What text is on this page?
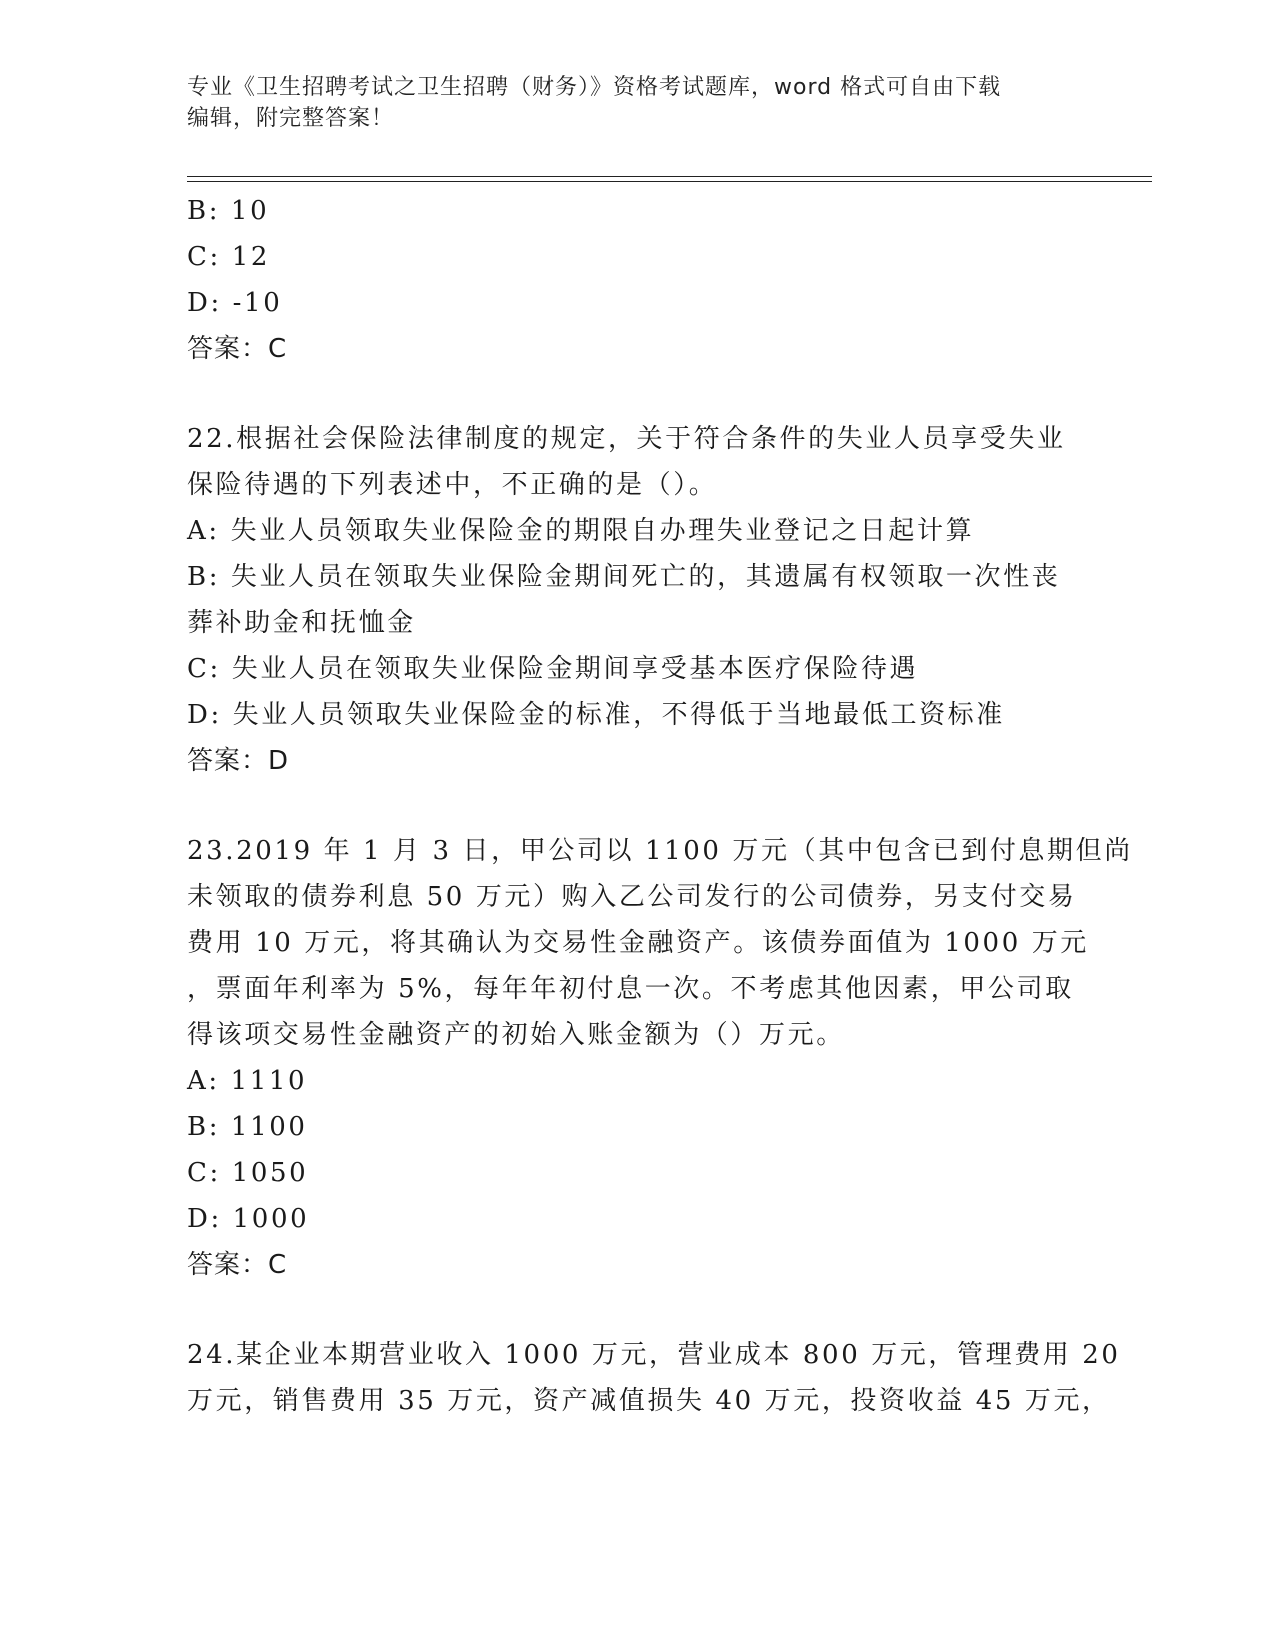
专业《卫生招聘考试之卫生招聘（财务）》资格考试题库，word 格式可自由下载
编辑，附完整答案！
B: 10
C: 12
D: -10
答案：C
22.根据社会保险法律制度的规定，关于符合条件的失业人员享受失业
保险待遇的下列表述中，不正确的是（）。
A: 失业人员领取失业保险金的期限自办理失业登记之日起计算
B: 失业人员在领取失业保险金期间死亡的，其遗属有权领取一次性丧
葬补助金和抚恤金
C: 失业人员在领取失业保险金期间享受基本医疗保险待遇
D: 失业人员领取失业保险金的标准，不得低于当地最低工资标准
答案：D
23.2019 年 1 月 3 日，甲公司以 1100 万元（其中包含已到付息期但尚
未领取的债券利息 50 万元）购入乙公司发行的公司债券，另支付交易
费用 10 万元，将其确认为交易性金融资产。该债券面值为 1000 万元
，票面年利率为 5%，每年年初付息一次。不考虑其他因素，甲公司取
得该项交易性金融资产的初始入账金额为（）万元。
A: 1110
B: 1100
C: 1050
D: 1000
答案：C
24.某企业本期营业收入 1000 万元，营业成本 800 万元，管理费用 20
万元，销售费用 35 万元，资产减值损失 40 万元，投资收益 45 万元，
